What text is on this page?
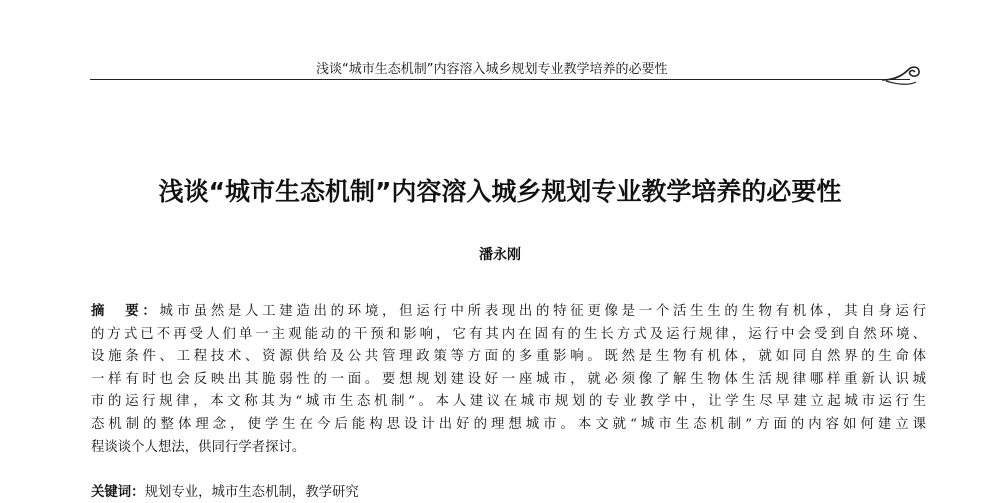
浅谈“城市生态机制”内容溶入城乡规划专业教学培养的必要性
浅谈“城市生态机制”内容溶入城乡规划专业教学培养的必要性
潘永刚
摘　要：城市虽然是人工建造出的环境，但运行中所表现出的特征更像是一个活生生的生物有机体，其自身运行
的方式已不再受人们单一主观能动的干预和影响，它有其内在固有的生长方式及运行规律，运行中会受到自然环境、
设施条件、工程技术、资源供给及公共管理政策等方面的多重影响。既然是生物有机体，就如同自然界的生命体
一样有时也会反映出其脆弱性的一面。要想规划建设好一座城市，就必须像了解生物体生活规律哪样重新认识城
市的运行规律，本文称其为“城市生态机制”。本人建议在城市规划的专业教学中，让学生尽早建立起城市运行生
态机制的整体理念，使学生在今后能构思设计出好的理想城市。本文就“城市生态机制”方面的内容如何建立课
程谈谈个人想法，供同行学者探讨。
关键词：规划专业，城市生态机制，教学研究
